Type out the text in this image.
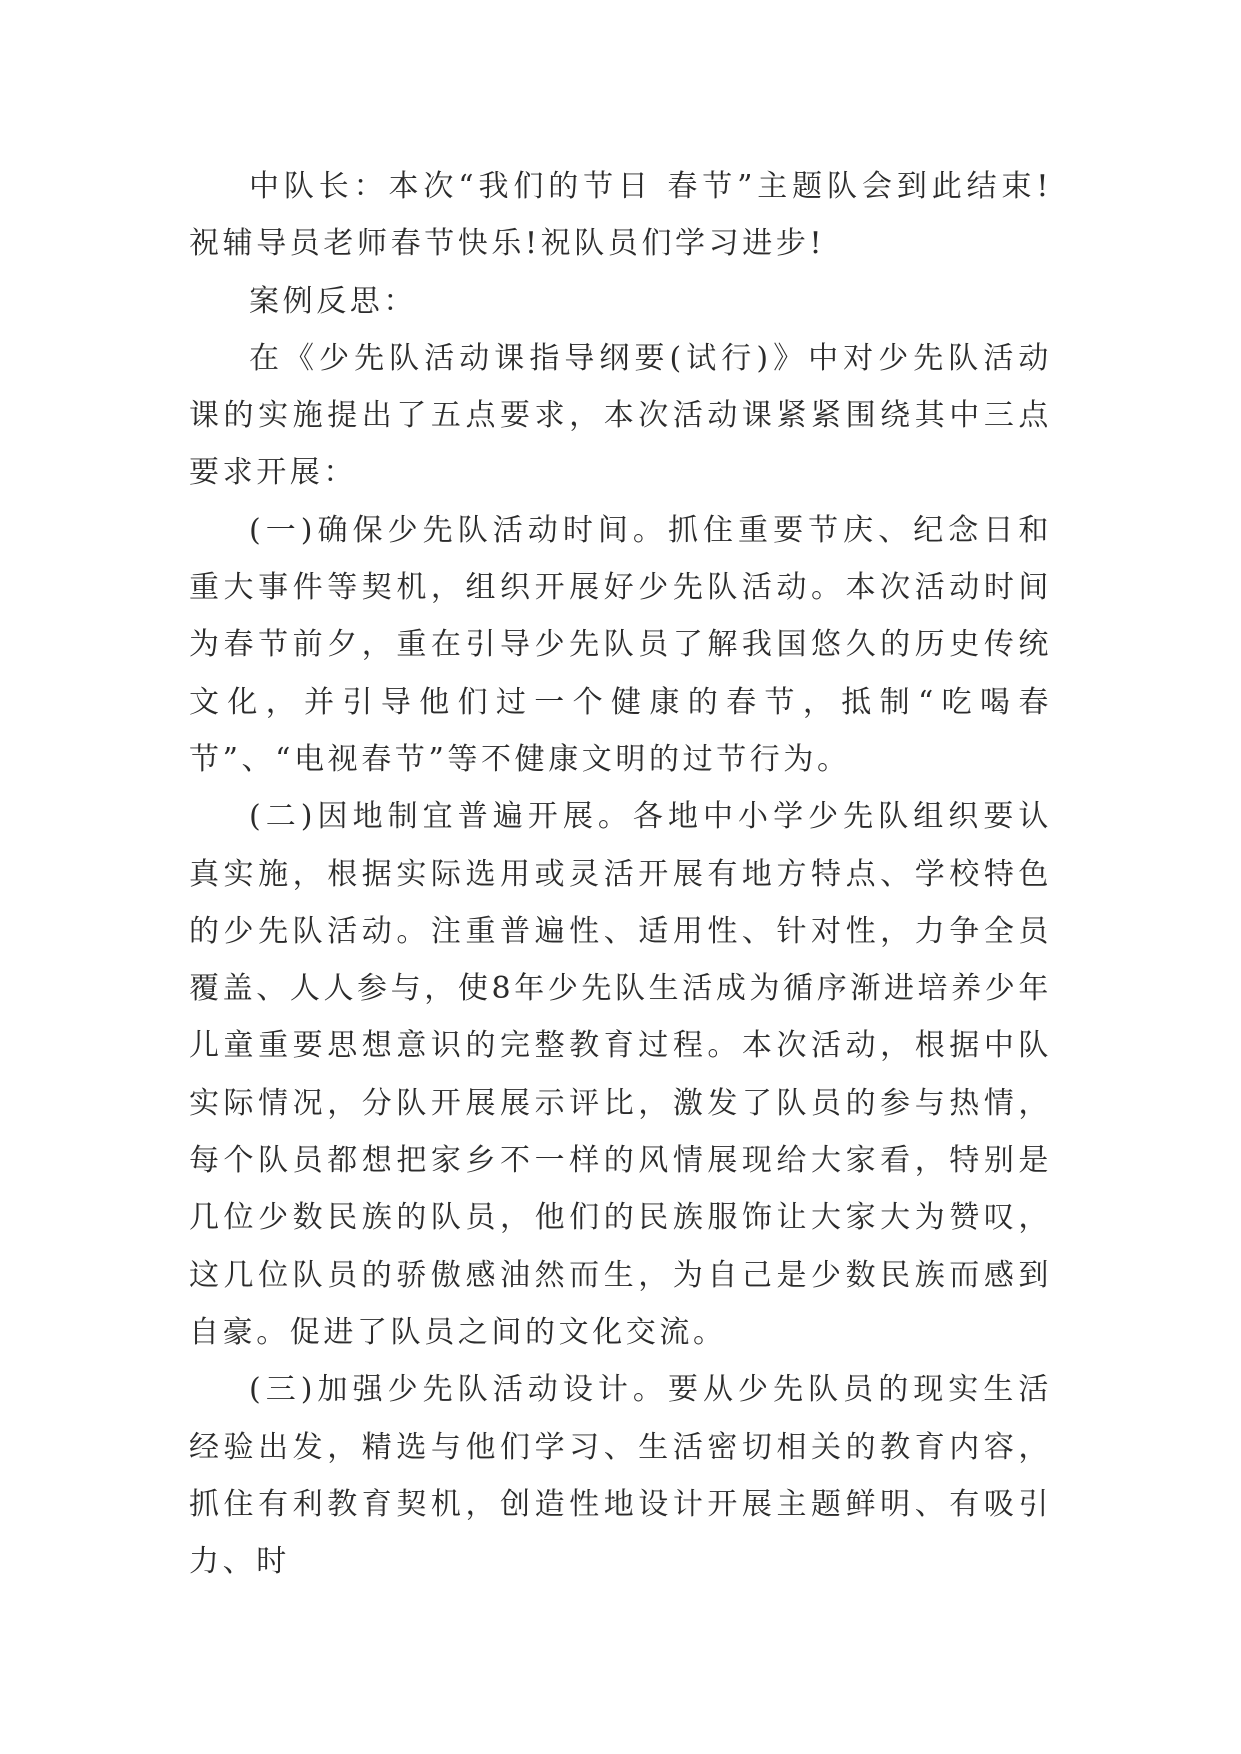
中队长：本次“我们的节日 春节”主题队会到此结束!祝辅导员老师春节快乐!祝队员们学习进步!

案例反思：

在《少先队活动课指导纲要(试行)》中对少先队活动课的实施提出了五点要求，本次活动课紧紧围绕其中三点要求开展：

(一)确保少先队活动时间。抓住重要节庆、纪念日和重大事件等契机，组织开展好少先队活动。本次活动时间为春节前夕，重在引导少先队员了解我国悠久的历史传统文化，并引导他们过一个健康的春节，抵制“吃喝春节”、“电视春节”等不健康文明的过节行为。

(二)因地制宜普遍开展。各地中小学少先队组织要认真实施，根据实际选用或灵活开展有地方特点、学校特色的少先队活动。注重普遍性、适用性、针对性，力争全员覆盖、人人参与，使8年少先队生活成为循序渐进培养少年儿童重要思想意识的完整教育过程。本次活动，根据中队实际情况，分队开展展示评比，激发了队员的参与热情，每个队员都想把家乡不一样的风情展现给大家看，特别是几位少数民族的队员，他们的民族服饰让大家大为赞叹，这几位队员的骄傲感油然而生，为自己是少数民族而感到自豪。促进了队员之间的文化交流。

(三)加强少先队活动设计。要从少先队员的现实生活经验出发，精选与他们学习、生活密切相关的教育内容，抓住有利教育契机，创造性地设计开展主题鲜明、有吸引力、时
